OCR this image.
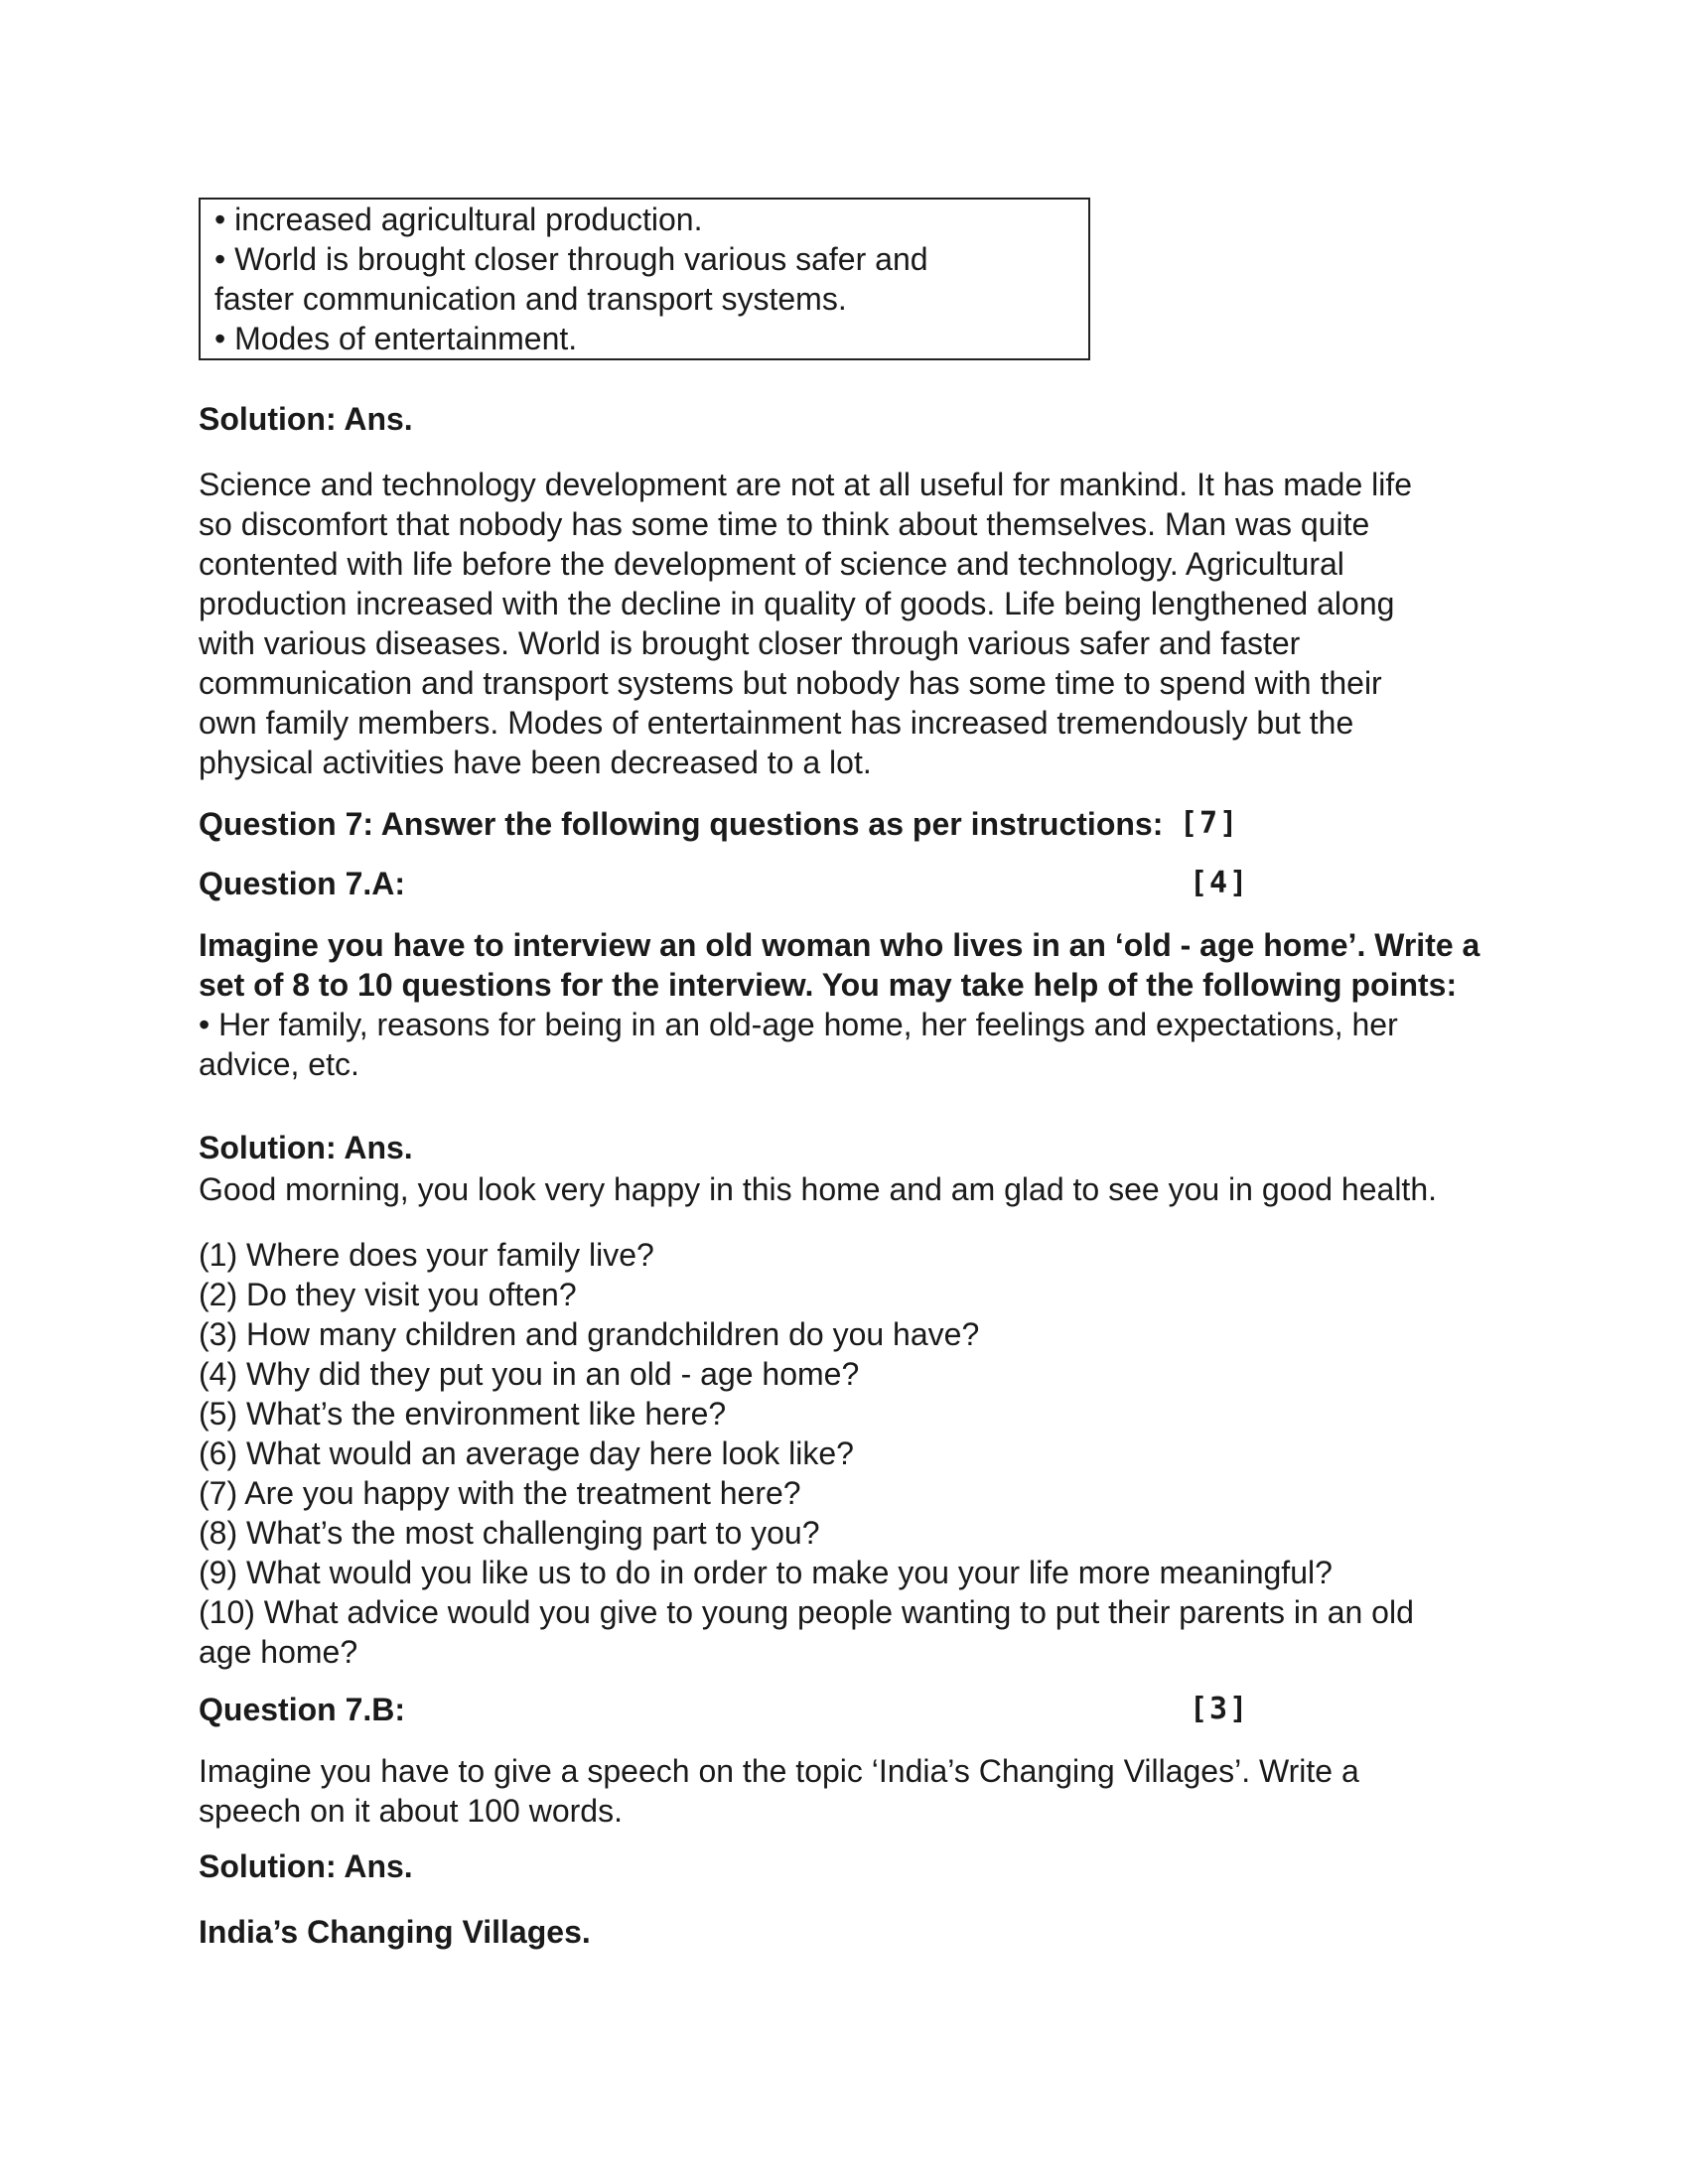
• increased agricultural production.
• World is brought closer through various safer and
faster communication and transport systems.
• Modes of entertainment.
Solution: Ans.
Science and technology development are not at all useful for mankind. It has made life
so discomfort that nobody has some time to think about themselves. Man was quite
contented with life before the development of science and technology. Agricultural
production increased with the decline in quality of goods. Life being lengthened along
with various diseases. World is brought closer through various safer and faster
communication and transport systems but nobody has some time to spend with their
own family members. Modes of entertainment has increased tremendously but the
physical activities have been decreased to a lot.
Question 7: Answer the following questions as per instructions: [7]
Question 7.A:	[4]
Imagine you have to interview an old woman who lives in an ‘old - age home’. Write a
set of 8 to 10 questions for the interview. You may take help of the following points:
• Her family, reasons for being in an old-age home, her feelings and expectations, her
advice, etc.
Solution: Ans.
Good morning, you look very happy in this home and am glad to see you in good health.
(1) Where does your family live?
(2) Do they visit you often?
(3) How many children and grandchildren do you have?
(4) Why did they put you in an old - age home?
(5) What’s the environment like here?
(6) What would an average day here look like?
(7) Are you happy with the treatment here?
(8) What’s the most challenging part to you?
(9) What would you like us to do in order to make you your life more meaningful?
(10) What advice would you give to young people wanting to put their parents in an old
age home?
Question 7.B:	[3]
Imagine you have to give a speech on the topic ‘India’s Changing Villages’. Write a
speech on it about 100 words.
Solution: Ans.
India’s Changing Villages.
